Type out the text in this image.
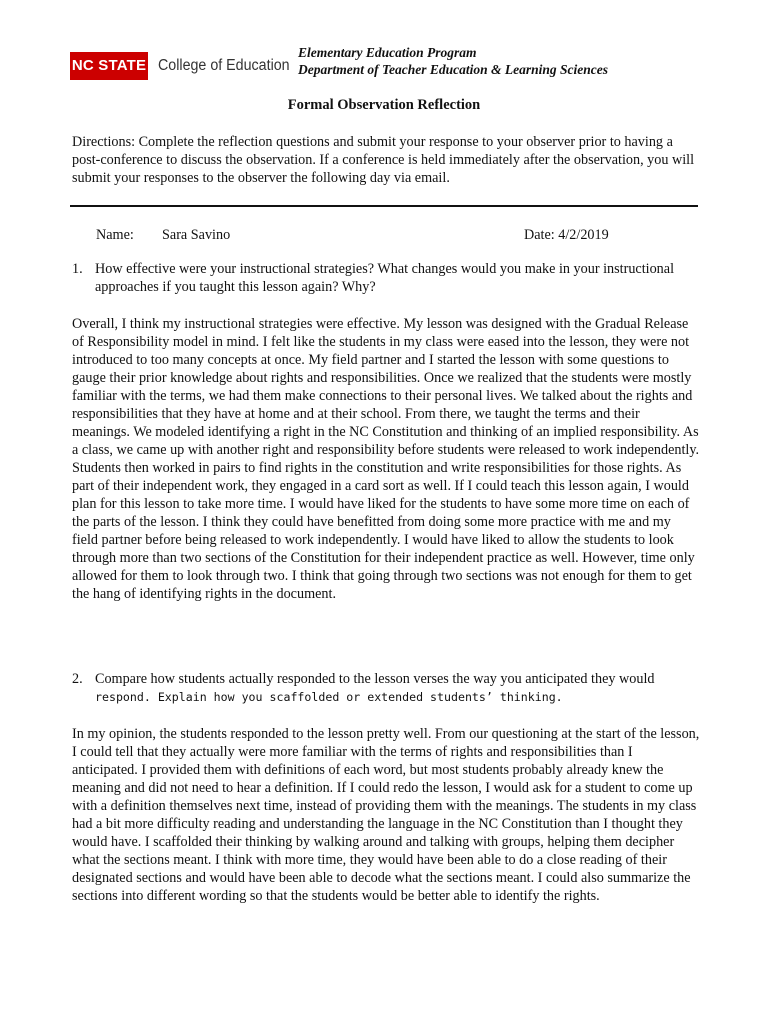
NC STATE College of Education
Elementary Education Program
Department of Teacher Education & Learning Sciences
Formal Observation Reflection
Directions: Complete the reflection questions and submit your response to your observer prior to having a post-conference to discuss the observation. If a conference is held immediately after the observation, you will submit your responses to the observer the following day via email.
Name: Sara Savino	Date: 4/2/2019
1. How effective were your instructional strategies? What changes would you make in your instructional approaches if you taught this lesson again? Why?
Overall, I think my instructional strategies were effective. My lesson was designed with the Gradual Release of Responsibility model in mind. I felt like the students in my class were eased into the lesson, they were not introduced to too many concepts at once. My field partner and I started the lesson with some questions to gauge their prior knowledge about rights and responsibilities. Once we realized that the students were mostly familiar with the terms, we had them make connections to their personal lives. We talked about the rights and responsibilities that they have at home and at their school. From there, we taught the terms and their meanings. We modeled identifying a right in the NC Constitution and thinking of an implied responsibility. As a class, we came up with another right and responsibility before students were released to work independently. Students then worked in pairs to find rights in the constitution and write responsibilities for those rights. As part of their independent work, they engaged in a card sort as well. If I could teach this lesson again, I would plan for this lesson to take more time. I would have liked for the students to have some more time on each of the parts of the lesson. I think they could have benefitted from doing some more practice with me and my field partner before being released to work independently. I would have liked to allow the students to look through more than two sections of the Constitution for their independent practice as well. However, time only allowed for them to look through two. I think that going through two sections was not enough for them to get the hang of identifying rights in the document.
2. Compare how students actually responded to the lesson verses the way you anticipated they would
respond. Explain how you scaffolded or extended students’ thinking.
In my opinion, the students responded to the lesson pretty well. From our questioning at the start of the lesson, I could tell that they actually were more familiar with the terms of rights and responsibilities than I anticipated. I provided them with definitions of each word, but most students probably already knew the meaning and did not need to hear a definition. If I could redo the lesson, I would ask for a student to come up with a definition themselves next time, instead of providing them with the meanings. The students in my class had a bit more difficulty reading and understanding the language in the NC Constitution than I thought they would have. I scaffolded their thinking by walking around and talking with groups, helping them decipher what the sections meant. I think with more time, they would have been able to do a close reading of their designated sections and would have been able to decode what the sections meant. I could also summarize the sections into different wording so that the students would be better able to identify the rights.
